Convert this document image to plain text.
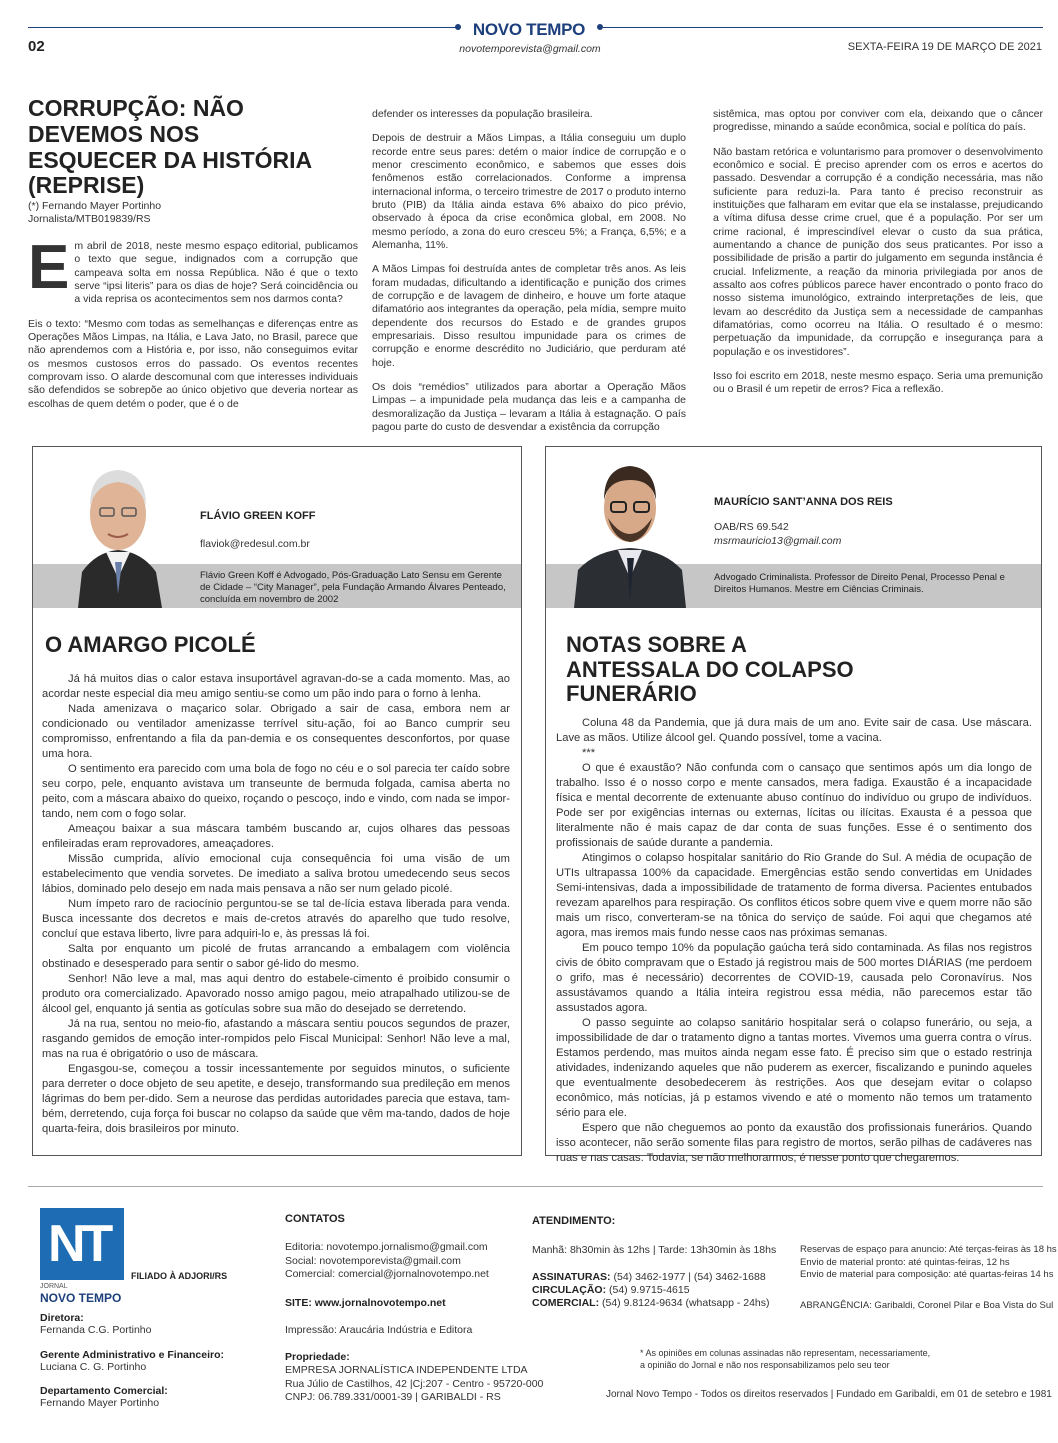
NOVO TEMPO
novotemporevista@gmail.com
02	SEXTA-FEIRA 19 DE MARÇO DE 2021
CORRUPÇÃO: NÃO DEVEMOS NOS ESQUECER DA HISTÓRIA (REPRISE)
(*) Fernando Mayer Portinho
Jornalista/MTB019839/RS

Em abril de 2018, neste mesmo espaço editorial, publicamos o texto que segue, indignados com a corrupção que campeava solta em nossa República. Não é que o texto serve “ipsi literis” para os dias de hoje? Será coincidência ou a vida reprisa os acontecimentos sem nos darmos conta?

Eis o texto: “Mesmo com todas as semelhanças e diferenças entre as Operações Mãos Limpas, na Itália, e Lava Jato, no Brasil, parece que não aprendemos com a História e, por isso, não conseguimos evitar os mesmos custosos erros do passado. Os eventos recentes comprovam isso. O alarde descomunal com que interesses individuais são defendidos se sobrepõe ao único objetivo que deveria nortear as escolhas de quem detém o poder, que é o de

defender os interesses da população brasileira.

Depois de destruir a Mãos Limpas, a Itália conseguiu um duplo recorde entre seus pares: detém o maior índice de corrupção e o menor crescimento econômico, e sabemos que esses dois fenômenos estão correlacionados. Conforme a imprensa internacional informa, o terceiro trimestre de 2017 o produto interno bruto (PIB) da Itália ainda estava 6% abaixo do pico prévio, observado à época da crise econômica global, em 2008. No mesmo período, a zona do euro cresceu 5%; a França, 6,5%; e a Alemanha, 11%.

A Mãos Limpas foi destruída antes de completar três anos. As leis foram mudadas, dificultando a identificação e punição dos crimes de corrupção e de lavagem de dinheiro, e houve um forte ataque difamatório aos integrantes da operação, pela mídia, sempre muito dependente dos recursos do Estado e de grandes grupos empresariais. Disso resultou impunidade para os crimes de corrupção e enorme descrédito no Judiciário, que perduram até hoje.

Os dois “remédios” utilizados para abortar a Operação Mãos Limpas – a impunidade pela mudança das leis e a campanha de desmoralização da Justiça – levaram a Itália à estagnação. O país pagou parte do custo de desvendar a existência da corrupção

sistêmica, mas optou por conviver com ela, deixando que o câncer progredisse, minando a saúde econômica, social e política do país.

Não bastam retórica e voluntarismo para promover o desenvolvimento econômico e social. É preciso aprender com os erros e acertos do passado. Desvendar a corrupção é a condição necessária, mas não suficiente para reduzi-la. Para tanto é preciso reconstruir as instituições que falharam em evitar que ela se instalasse, prejudicando a vítima difusa desse crime cruel, que é a população. Por ser um crime racional, é imprescindível elevar o custo da sua prática, aumentando a chance de punição dos seus praticantes. Por isso a possibilidade de prisão a partir do julgamento em segunda instância é crucial. Infelizmente, a reação da minoria privilegiada por anos de assalto aos cofres públicos parece haver encontrado o ponto fraco do nosso sistema imunológico, extraindo interpretações de leis, que levam ao descrédito da Justiça sem a necessidade de campanhas difamatórias, como ocorreu na Itália. O resultado é o mesmo: perpetuação da impunidade, da corrupção e insegurança para a população e os investidores”.

Isso foi escrito em 2018, neste mesmo espaço. Seria uma premunição ou o Brasil é um repetir de erros? Fica a reflexão.

FLÁVIO GREEN KOFF
flaviok@redesul.com.br
Flávio Green Koff é Advogado, Pós-Graduação Lato Sensu em Gerente de Cidade – “City Manager”, pela Fundação Armando Álvares Penteado, concluída em novembro de 2002
O AMARGO PICOLÉ

Já há muitos dias o calor estava insuportável agravan-do-se a cada momento. Mas, ao acordar neste especial dia meu amigo sentiu-se como um pão indo para o forno à lenha.

Nada amenizava o maçarico solar. Obrigado a sair de casa, embora nem ar condicionado ou ventilador amenizasse terrível situ-ação, foi ao Banco cumprir seu compromisso, enfrentando a fila da pan-demia e os consequentes desconfortos, por quase uma hora.

O sentimento era parecido com uma bola de fogo no céu e o sol parecia ter caído sobre seu corpo, pele, enquanto avistava um transeunte de bermuda folgada, camisa aberta no peito, com a máscara abaixo do queixo, roçando o pescoço, indo e vindo, com nada se impor-tando, nem com o fogo solar.

Ameaçou baixar a sua máscara também buscando ar, cujos olhares das pessoas enfileiradas eram reprovadores, ameaçadores.

Missão cumprida, alívio emocional cuja consequência foi uma visão de um estabelecimento que vendia sorvetes. De imediato a saliva brotou umedecendo seus secos lábios, dominado pelo desejo em nada mais pensava a não ser num gelado picolé.

Num ímpeto raro de raciocínio perguntou-se se tal de-lícia estava liberada para venda. Busca incessante dos decretos e mais de-cretos através do aparelho que tudo resolve, concluí que estava liberto, livre para adquiri-lo e, às pressas lá foi.

Salta por enquanto um picolé de frutas arrancando a embalagem com violência obstinado e desesperado para sentir o sabor gé-lido do mesmo.

Senhor! Não leve a mal, mas aqui dentro do estabele-cimento é proibido consumir o produto ora comercializado. Apavorado nosso amigo pagou, meio atrapalhado utilizou-se de álcool gel, enquanto já sentia as gotículas sobre sua mão do desejado se derretendo.

Já na rua, sentou no meio-fio, afastando a máscara sentiu poucos segundos de prazer, rasgando gemidos de emoção inter-rompidos pelo Fiscal Municipal: Senhor! Não leve a mal, mas na rua é obrigatório o uso de máscara.

Engasgou-se, começou a tossir incessantemente por seguidos minutos, o suficiente para derreter o doce objeto de seu apetite, e desejo, transformando sua predileção em menos lágrimas do bem per-dido. Sem a neurose das perdidas autoridades parecia que estava, tam-bém, derretendo, cuja força foi buscar no colapso da saúde que vêm ma-tando, dados de hoje quarta-feira, dois brasileiros por minuto.

MAURÍCIO SANT’ANNA DOS REIS
OAB/RS 69.542
msrmauricio13@gmail.com
Advogado Criminalista. Professor de Direito Penal, Processo Penal e Direitos Humanos. Mestre em Ciências Criminais.
NOTAS SOBRE A ANTESSALA DO COLAPSO FUNERÁRIO

Coluna 48 da Pandemia, que já dura mais de um ano. Evite sair de casa. Use máscara. Lave as mãos. Utilize álcool gel. Quando possível, tome a vacina.

***

O que é exaustão? Não confunda com o cansaço que sentimos após um dia longo de trabalho. Isso é o nosso corpo e mente cansados, mera fadiga. Exaustão é a incapacidade física e mental decorrente de extenuante abuso contínuo do indivíduo ou grupo de indivíduos. Pode ser por exigências internas ou externas, lícitas ou ilícitas. Exausta é a pessoa que literalmente não é mais capaz de dar conta de suas funções. Esse é o sentimento dos profissionais de saúde durante a pandemia.

Atingimos o colapso hospitalar sanitário do Rio Grande do Sul. A média de ocupação de UTIs ultrapassa 100% da capacidade. Emergências estão sendo convertidas em Unidades Semi-intensivas, dada a impossibilidade de tratamento de forma diversa. Pacientes entubados revezam aparelhos para respiração. Os conflitos éticos sobre quem vive e quem morre não são mais um risco, converteram-se na tônica do serviço de saúde. Foi aqui que chegamos até agora, mas iremos mais fundo nesse caos nas próximas semanas.

Em pouco tempo 10% da população gaúcha terá sido contaminada. As filas nos registros civis de óbito compravam que o Estado já registrou mais de 500 mortes DIÁRIAS (me perdoem o grifo, mas é necessário) decorrentes de COVID-19, causada pelo Coronavírus. Nos assustávamos quando a Itália inteira registrou essa média, não parecemos estar tão assustados agora.

O passo seguinte ao colapso sanitário hospitalar será o colapso funerário, ou seja, a impossibilidade de dar o tratamento digno a tantas mortes. Vivemos uma guerra contra o vírus. Estamos perdendo, mas muitos ainda negam esse fato. É preciso sim que o estado restrinja atividades, indenizando aqueles que não puderem as exercer, fiscalizando e punindo aqueles que eventualmente desobedecerem às restrições. Aos que desejam evitar o colapso econômico, más notícias, já p estamos vivendo e até o momento não temos um tratamento sério para ele.

Espero que não cheguemos ao ponto da exaustão dos profissionais funerários. Quando isso acontecer, não serão somente filas para registro de mortos, serão pilhas de cadáveres nas ruas e nas casas. Todavia, se não melhorarmos, é nesse ponto que chegaremos.

NT
JORNAL
NOVO TEMPO
FILIADO À ADJORI/RS
Diretora:
Fernanda C.G. Portinho
Gerente Administrativo e Financeiro:
Luciana C. G. Portinho
Departamento Comercial:
Fernando Mayer Portinho
CONTATOS
Editoria: novotempo.jornalismo@gmail.com
Social: novotemporevista@gmail.com
Comercial: comercial@jornalnovotempo.net
SITE: www.jornalnovotempo.net
Impressão: Araucária Indústria e Editora
Propriedade:
EMPRESA JORNALÍSTICA INDEPENDENTE LTDA
Rua Júlio de Castilhos, 42 |Cj:207 - Centro - 95720-000
CNPJ: 06.789.331/0001-39 | GARIBALDI - RS
ATENDIMENTO:
Manhã: 8h30min às 12hs | Tarde: 13h30min às 18hs
ASSINATURAS: (54) 3462-1977 | (54) 3462-1688
CIRCULAÇÃO: (54) 9.9715-4615
COMERCIAL: (54) 9.8124-9634 (whatsapp - 24hs)
Reservas de espaço para anuncio: Até terças-feiras às 18 hs
Envio de material pronto: até quintas-feiras, 12 hs
Envio de material para composição: até quartas-feiras 14 hs
ABRANGÊNCIA: Garibaldi, Coronel Pilar e Boa Vista do Sul
* As opiniões em colunas assinadas não representam, necessariamente,
a opinião do Jornal e não nos responsabilizamos pelo seu teor
Jornal Novo Tempo - Todos os direitos reservados | Fundado em Garibaldi, em 01 de setebro e 1981
